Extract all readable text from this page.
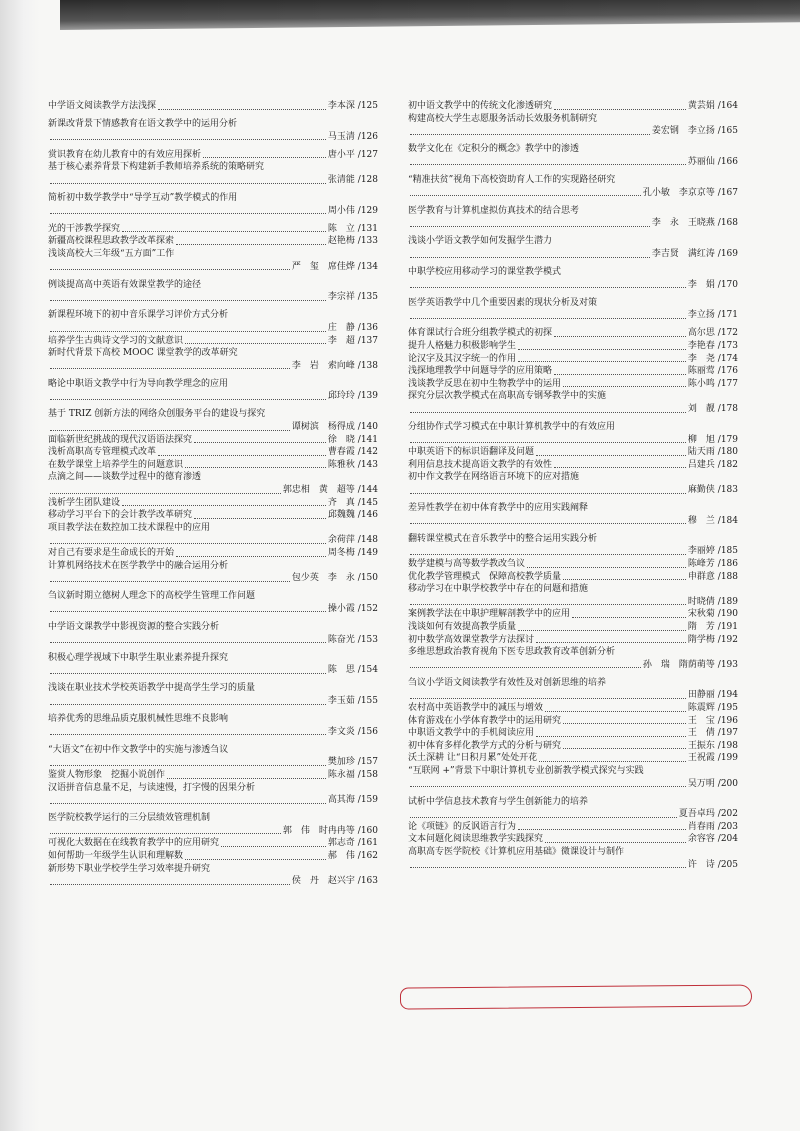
中学语文阅读教学方法浅探	李本深 /125
新课改背景下情感教育在语文教学中的运用分析
马玉清 /126
赏识教育在幼儿教育中的有效应用探析	唐小平 /127
基于核心素养背景下构建新手教师培养系统的策略研究
张清能 /128
简析初中数学教学中“导学互动”教学模式的作用
周小伟 /129
光的干涉教学探究	陈　立 /131
新疆高校课程思政教学改革探索	赵艳梅 /133
浅谈高校大三年级“五方面”工作
严　玺　席佳烨 /134
例谈提高高中英语有效课堂教学的途径
李宗祥 /135
新课程环境下的初中音乐课学习评价方式分析
庄　静 /136
培养学生古典诗文学习的文献意识	李　超 /137
新时代背景下高校 MOOC 课堂教学的改革研究
李　岩　索向峰 /138
略论中职语文教学中行为导向教学理念的应用
邱玲玲 /139
基于 TRIZ 创新方法的网络众创服务平台的建设与探究
谭树滨　杨得成 /140
面临新世纪挑战的现代汉语语法探究	徐　晓 /141
浅析高职高专管理模式改革	曹春霞 /142
在数学课堂上培养学生的问题意识	陈雅秋 /143
点滴之间——谈数学过程中的德育渗透
郭忠相　黄　超等 /144
浅析学生团队建设	齐　真 /145
移动学习平台下的会计教学改革研究	邱魏魏 /146
项目教学法在数控加工技术课程中的应用
余荷萍 /148
对自己有要求是生命成长的开始	周冬梅 /149
计算机网络技术在医学教学中的融合运用分析
包少英　李　永 /150
刍议新时期立德树人理念下的高校学生管理工作问题
操小霞 /152
中学语文课教学中影视资源的整合实践分析
陈奋光 /153
积极心理学视域下中职学生职业素养提升探究
陈　思 /154
浅谈在职业技术学校英语教学中提高学生学习的质量
李玉茹 /155
培养优秀的思维品质克服机械性思维不良影响
李文炎 /156
“大语文”在初中作文教学中的实施与渗透刍议
樊加珍 /157
鉴赏人物形象　挖掘小说创作	陈永福 /158
汉语拼音信息量不足，与读速慢，打字慢的因果分析
高其海 /159
医学院校教学运行的三分层绩效管理机制
郭　伟　时冉冉等 /160
可视化大数据在在线教育教学中的应用研究	郭志奇 /161
如何帮助一年级学生认识和理解数	郝　伟 /162
新形势下职业学校学生学习效率提升研究
侯　丹　赵兴宇 /163
初中语文教学中的传统文化渗透研究	黄芸娟 /164
构建高校大学生志愿服务活动长效服务机制研究
姜宏钢　李立扬 /165
数学文化在《定积分的概念》教学中的渗透
苏丽仙 /166
“精准扶贫”视角下高校资助育人工作的实现路径研究
孔小敏　李京京等 /167
医学教育与计算机虚拟仿真技术的结合思考
李　永　王晓燕 /168
浅谈小学语文教学如何发掘学生潜力
李吉贤　满红涛 /169
中职学校应用移动学习的课堂教学模式
李　娟 /170
医学英语教学中几个重要因素的现状分析及对策
李立扬 /171
体育课试行合班分组教学模式的初探	高尔思 /172
提升人格魅力积极影响学生	李艳春 /173
论汉字及其汉字统一的作用	李　尧 /174
浅探地理教学中问题导学的应用策略	陈丽莺 /176
浅谈教学反思在初中生物教学中的运用	陈小鸣 /177
探究分层次教学模式在高职高专钢琴教学中的实施
刘　靓 /178
分组协作式学习模式在中职计算机教学中的有效应用
柳　旭 /179
中职英语下的标识语翻译及问题	陆天雨 /180
利用信息技术提高语文教学的有效性	吕建兵 /182
初中作文教学在网络语言环境下的应对措施
麻勤侠 /183
差异性教学在初中体育教学中的应用实践阐释
穆　兰 /184
翻转课堂模式在音乐教学中的整合运用实践分析
李丽婷 /185
数学建模与高等数学教改刍议	陈峰芳 /186
优化教学管理模式　保障高校教学质量	申群意 /188
移动学习在中职学校教学中存在的问题和措施
时晓倩 /189
案例教学法在中职护理解剖教学中的应用	宋秋菊 /190
浅谈如何有效提高教学质量	隋　芳 /191
初中数学高效课堂教学方法探讨	隋学梅 /192
多维思想政治教育视角下医专思政教育改革创新分析
孙　瑞　隋荫萌等 /193
刍议小学语文阅读教学有效性及对创新思维的培养
田静丽 /194
农村高中英语教学中的减压与增效	陈震辉 /195
体育游戏在小学体育教学中的运用研究	王　宝 /196
中职语文教学中的手机阅读应用	王　倩 /197
初中体育多样化教学方式的分析与研究	王振东 /198
沃土深耕 让“日积月累”处处开花	王祝霞 /199
“互联网 +”背景下中职计算机专业创新教学模式探究与实践
吴万明 /200
试析中学信息技术教育与学生创新能力的培养
夏吾卓玛 /202
论《项链》的反讽语言行为	肖春雨 /203
文本问题化阅读思维教学实践探究	余容容 /204
高职高专医学院校《计算机应用基础》微课设计与制作
许　诗 /205
